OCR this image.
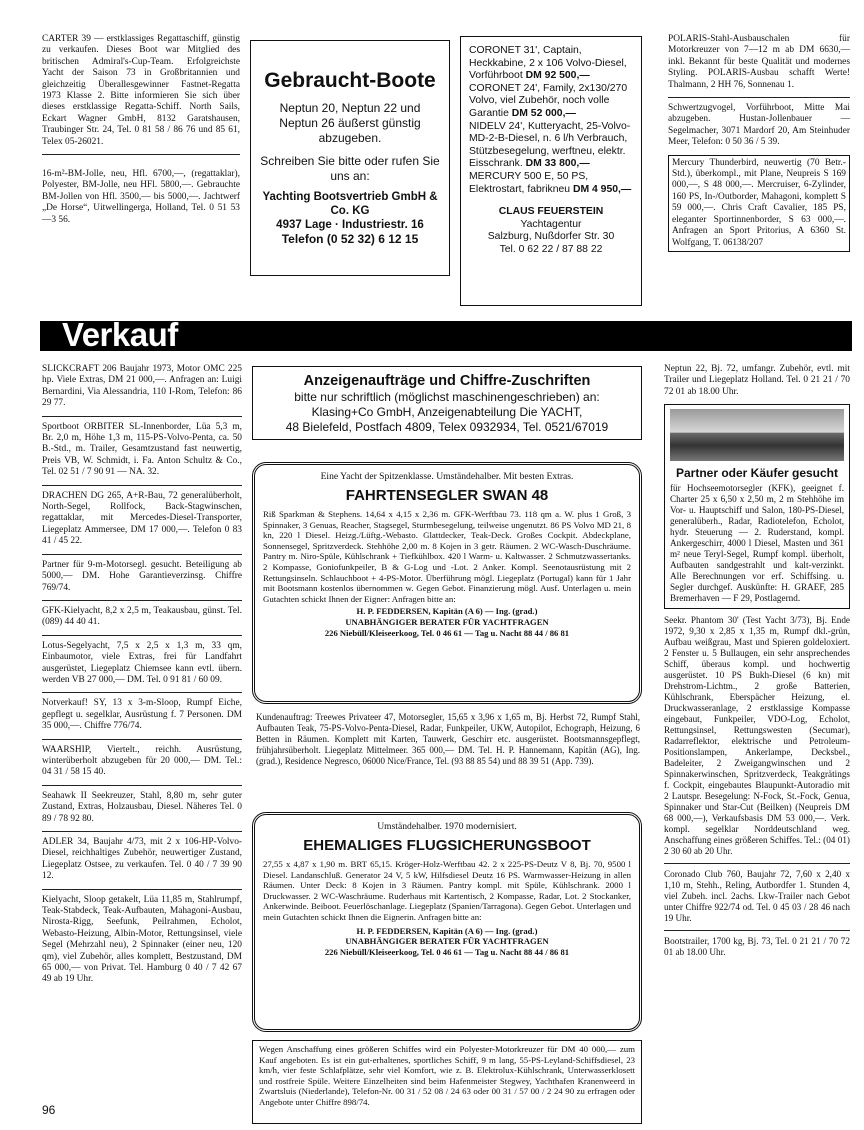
CARTER 39 — erstklassiges Regattaschiff, günstig zu verkaufen. Dieses Boot war Mitglied des britischen Admiral's-Cup-Team. Erfolgreichste Yacht der Saison 73 in Großbritannien und gleichzeitig Überallesgewinner Fastnet-Regatta 1973 Klasse 2. Bitte informieren Sie sich über dieses erstklassige Regatta-Schiff. North Sails, Eckart Wagner GmbH, 8132 Garatshausen, Traubinger Str. 24, Tel. 0 81 58 / 86 76 und 85 61, Telex 05-26021.

16-m²-BM-Jolle, neu, Hfl. 6700,—, (regattaklar), Polyester, BM-Jolle, neu HFl. 5800,—. Gebrauchte BM-Jollen von Hfl. 3500,— bis 5000,—. Jachtwerf „De Horse“, Uitwellingerga, Holland, Tel. 0 51 53—3 56.

Gebraucht-Boote
Neptun 20, Neptun 22 und Neptun 26 äußerst günstig abzugeben.
Schreiben Sie bitte oder rufen Sie uns an:
Yachting Bootsvertrieb GmbH & Co. KG
4937 Lage · Industriestr. 16
Telefon (0 52 32) 6 12 15
CORONET 31', Captain, Heckkabine, 2 x 106 Volvo-Diesel, Vorführboot DM 92 500,—
CORONET 24', Family, 2x130/270 Volvo, viel Zubehör, noch volle Garantie DM 52 000,—
NIDELV 24', Kutteryacht, 25-Volvo-MD-2-B-Diesel, n. 6 l/h Verbrauch, Stützbesegelung, werftneu, elektr. Eisschrank. DM 33 800,—
MERCURY 500 E, 50 PS, Elektrostart, fabrikneu DM 4 950,—
CLAUS FEUERSTEIN
Yachtagentur
Salzburg, Nußdorfer Str. 30
Tel. 0 62 22 / 87 88 22

POLARIS-Stahl-Ausbauschalen für Motorkreuzer von 7—12 m ab DM 6630,— inkl. Bekannt für beste Qualität und modernes Styling. POLARIS-Ausbau schafft Werte! Thalmann, 2 HH 76, Sonnenau 1.

Schwertzugvogel, Vorführboot, Mitte Mai abzugeben. Hustan-Jollenbauer — Segelmacher, 3071 Mardorf 20, Am Steinhuder Meer, Telefon: 0 50 36 / 5 39.

Mercury Thunderbird, neuwertig (70 Betr.-Std.), überkompl., mit Plane, Neupreis S 169 000,—, S 48 000,—. Mercruiser, 6-Zylinder, 160 PS, In-/Outborder, Mahagoni, komplett S 59 000,—. Chris Craft Cavalier, 185 PS, eleganter Sportinnenborder, S 63 000,—. Anfragen an Sport Pritorius, A 6360 St. Wolfgang, T. 06138/207
Verkauf

SLICKCRAFT 206 Baujahr 1973, Motor OMC 225 hp. Viele Extras, DM 21 000,—. Anfragen an: Luigi Bernardini, Via Alessandria, 110 I-Rom, Telefon: 86 29 77.

Sportboot ORBITER SL-Innenborder, Lüa 5,3 m, Br. 2,0 m, Höhe 1,3 m, 115-PS-Volvo-Penta, ca. 50 B.-Std., m. Trailer, Gesamtzustand fast neuwertig, Preis VB, W. Schmidt, i. Fa. Anton Schultz & Co., Tel. 02 51 / 7 90 91 — NA. 32.

DRACHEN DG 265, A+R-Bau, 72 generalüberholt, North-Segel, Rollfock, Back-Stagwinschen, regattaklar, mit Mercedes-Diesel-Transporter, Liegeplatz Ammersee, DM 17 000,—. Telefon 0 83 41 / 45 22.

Partner für 9-m-Motorsegl. gesucht. Beteiligung ab 5000,— DM. Hohe Garantieverzinsg. Chiffre 769/74.

GFK-Kielyacht, 8,2 x 2,5 m, Teakausbau, günst. Tel. (089) 44 40 41.

Lotus-Segelyacht, 7,5 x 2,5 x 1,3 m, 33 qm, Einbaumotor, viele Extras, frei für Landfahrt ausgerüstet, Liegeplatz Chiemsee kann evtl. übern. werden VB 27 000,— DM. Tel. 0 91 81 / 60 09.

Notverkauf! SY, 13 x 3-m-Sloop, Rumpf Eiche, gepflegt u. segelklar, Ausrüstung f. 7 Personen. DM 35 000,—. Chiffre 776/74.

WAARSHIP, Viertelt., reichh. Ausrüstung, winterüberholt abzugeben für 20 000,— DM. Tel.: 04 31 / 58 15 40.

Seahawk II Seekreuzer, Stahl, 8,80 m, sehr guter Zustand, Extras, Holzausbau, Diesel. Näheres Tel. 0 89 / 78 92 80.

ADLER 34, Baujahr 4/73, mit 2 x 106-HP-Volvo-Diesel, reichhaltiges Zubehör, neuwertiger Zustand, Liegeplatz Ostsee, zu verkaufen. Tel. 0 40 / 7 39 90 12.

Kielyacht, Sloop getakelt, Lüa 11,85 m, Stahlrumpf, Teak-Stabdeck, Teak-Aufbauten, Mahagoni-Ausbau, Nirosta-Rigg, Seefunk, Peilrahmen, Echolot, Webasto-Heizung, Albin-Motor, Rettungsinsel, viele Segel (Mehrzahl neu), 2 Spinnaker (einer neu, 120 qm), viel Zubehör, alles komplett, Bestzustand, DM 65 000,— von Privat. Tel. Hamburg 0 40 / 7 42 67 49 ab 19 Uhr.

Anzeigenaufträge und Chiffre-Zuschriften
bitte nur schriftlich (möglichst maschinengeschrieben) an:
Klasing+Co GmbH, Anzeigenabteilung Die YACHT,
48 Bielefeld, Postfach 4809, Telex 0932934, Tel. 0521/67019
Eine Yacht der Spitzenklasse. Umständehalber. Mit besten Extras.
FAHRTENSEGLER SWAN 48
Riß Sparkman & Stephens. 14,64 x 4,15 x 2,36 m. GFK-Werftbau 73. 118 qm a. W. plus 1 Groß, 3 Spinnaker, 3 Genuas, Reacher, Stagsegel, Sturmbesegelung, teilweise ungenutzt. 86 PS Volvo MD 21, 8 kn, 220 l Diesel. Heizg./Lüftg.-Webasto. Glattdecker, Teak-Deck. Großes Cockpit. Abdeckplane, Sonnensegel, Spritzverdeck. Stehhöhe 2,00 m. 8 Kojen in 3 getr. Räumen. 2 WC-Wasch-Duschräume. Pantry m. Niro-Spüle, Kühlschrank + Tiefkühlbox. 420 l Warm- u. Kaltwasser. 2 Schmutzwassertanks. 2 Kompasse, Goniofunkpeiler, B & G-Log und -Lot. 2 Anker. Kompl. Seenotausrüstung mit 2 Rettungsinseln. Schlauchboot + 4-PS-Motor. Überführung mögl. Liegeplatz (Portugal) kann für 1 Jahr mit Bootsmann kostenlos übernommen w. Gegen Gebot. Finanzierung mögl. Ausf. Unterlagen u. mein Gutachten schickt Ihnen der Eigner: Anfragen bitte an:
H. P. FEDDERSEN, Kapitän (A 6) — Ing. (grad.)
UNABHÄNGIGER BERATER FÜR YACHTFRAGEN
226 Niebüll/Kleiseerkoog, Tel. 0 46 61 — Tag u. Nacht 88 44 / 86 81
Kundenauftrag: Treewes Privateer 47, Motorsegler, 15,65 x 3,96 x 1,65 m, Bj. Herbst 72, Rumpf Stahl, Aufbauten Teak, 75-PS-Volvo-Penta-Diesel, Radar, Funkpeiler, UKW, Autopilot, Echograph, Heizung, 6 Betten in Räumen. Komplett mit Karten, Tauwerk, Geschirr etc. ausgerüstet. Bootsmannsgepflegt, frühjahrsüberholt. Liegeplatz Mittelmeer. 365 000,— DM. Tel. H. P. Hannemann, Kapitän (AG), Ing. (grad.), Residence Negresco, 06000 Nice/France, Tel. (93 88 85 54) und 88 39 51 (App. 739).
Umständehalber. 1970 modernisiert.
EHEMALIGES FLUGSICHERUNGSBOOT
27,55 x 4,87 x 1,90 m. BRT 65,15. Kröger-Holz-Werftbau 42. 2 x 225-PS-Deutz V 8, Bj. 70, 9500 l Diesel. Landanschluß. Generator 24 V, 5 kW, Hilfsdiesel Deutz 16 PS. Warmwasser-Heizung in allen Räumen. Unter Deck: 8 Kojen in 3 Räumen. Pantry kompl. mit Spüle, Kühlschrank. 2000 l Druckwasser. 2 WC-Waschräume. Ruderhaus mit Kartentisch, 2 Kompasse, Radar, Lot. 2 Stockanker, Ankerwinde. Beiboot. Feuerlöschanlage. Liegeplatz (Spanien/Tarragona). Gegen Gebot. Unterlagen und mein Gutachten schickt Ihnen die Eignerin. Anfragen bitte an:
H. P. FEDDERSEN, Kapitän (A 6) — Ing. (grad.)
UNABHÄNGIGER BERATER FÜR YACHTFRAGEN
226 Niebüll/Kleiseerkoog, Tel. 0 46 61 — Tag u. Nacht 88 44 / 86 81
Wegen Anschaffung eines größeren Schiffes wird ein Polyester-Motorkreuzer für DM 40 000,— zum Kauf angeboten. Es ist ein gut-erhaltenes, sportliches Schiff, 9 m lang, 55-PS-Leyland-Schiffsdiesel, 23 km/h, vier feste Schlafplätze, sehr viel Komfort, wie z. B. Elektrolux-Kühlschrank, Unterwasserklosett und rostfreie Spüle. Weitere Einzelheiten sind beim Hafenmeister Stegwey, Yachthafen Kranenweerd in Zwartsluis (Niederlande), Telefon-Nr. 00 31 / 52 08 / 24 63 oder 00 31 / 57 00 / 2 24 90 zu erfragen oder Angebote unter Chiffre 898/74.

Neptun 22, Bj. 72, umfangr. Zubehör, evtl. mit Trailer und Liegeplatz Holland. Tel. 0 21 21 / 70 72 01 ab 18.00 Uhr.

Partner oder Käufer gesucht
für Hochseemotorsegler (KFK), geeignet f. Charter 25 x 6,50 x 2,50 m, 2 m Stehhöhe im Vor- u. Hauptschiff und Salon, 180-PS-Diesel, generalüberh., Radar, Radiotelefon, Echolot, hydr. Steuerung — 2. Ruderstand, kompl. Ankergeschirr, 4000 l Diesel, Masten und 361 m² neue Teryl-Segel, Rumpf kompl. überholt, Aufbauten sandgestrahlt und kalt-verzinkt. Alle Berechnungen vor erf. Schiffsing. u. Segler durchgef. Auskünfte: H. GRAEF, 285 Bremerhaven — F 29, Postlagernd.

Seekr. Phantom 30' (Test Yacht 3/73), Bj. Ende 1972, 9,30 x 2,85 x 1,35 m, Rumpf dkl.-grün, Aufbau weißgrau, Mast und Spieren goldeloxiert. 2 Fenster u. 5 Bullaugen, ein sehr ansprechendes Schiff, überaus kompl. und hochwertig ausgerüstet. 10 PS Bukh-Diesel (6 kn) mit Drehstrom-Lichtm., 2 große Batterien, Kühlschrank, Eberspächer Heizung, el. Druckwasseranlage, 2 erstklassige Kompasse eingebaut, Funkpeiler, VDO-Log, Echolot, Rettungsinsel, Rettungswesten (Secumar), Radarreflektor, elektrische und Petroleum-Positionslampen, Ankerlampe, Decksbel., Badeleiter, 2 Zweigangwinschen und 2 Spinnakerwinschen, Spritzverdeck, Teakgrätings f. Cockpit, eingebautes Blaupunkt-Autoradio mit 2 Lautspr. Besegelung: N-Fock, St.-Fock, Genua, Spinnaker und Star-Cut (Beilken) (Neupreis DM 68 000,—), Verkaufsbasis DM 53 000,—. Verk. kompl. segelklar Norddeutschland weg. Anschaffung eines größeren Schiffes. Tel.: (04 01) 2 30 60 ab 20 Uhr.

Coronado Club 760, Baujahr 72, 7,60 x 2,40 x 1,10 m, Stehh., Reling, Autbordfer 1. Stunden 4, viel Zubeh. incl. 2achs. Lkw-Trailer nach Gebot unter Chiffre 922/74 od. Tel. 0 45 03 / 28 46 nach 19 Uhr.

Bootstrailer, 1700 kg, Bj. 73, Tel. 0 21 21 / 70 72 01 ab 18.00 Uhr.

96
